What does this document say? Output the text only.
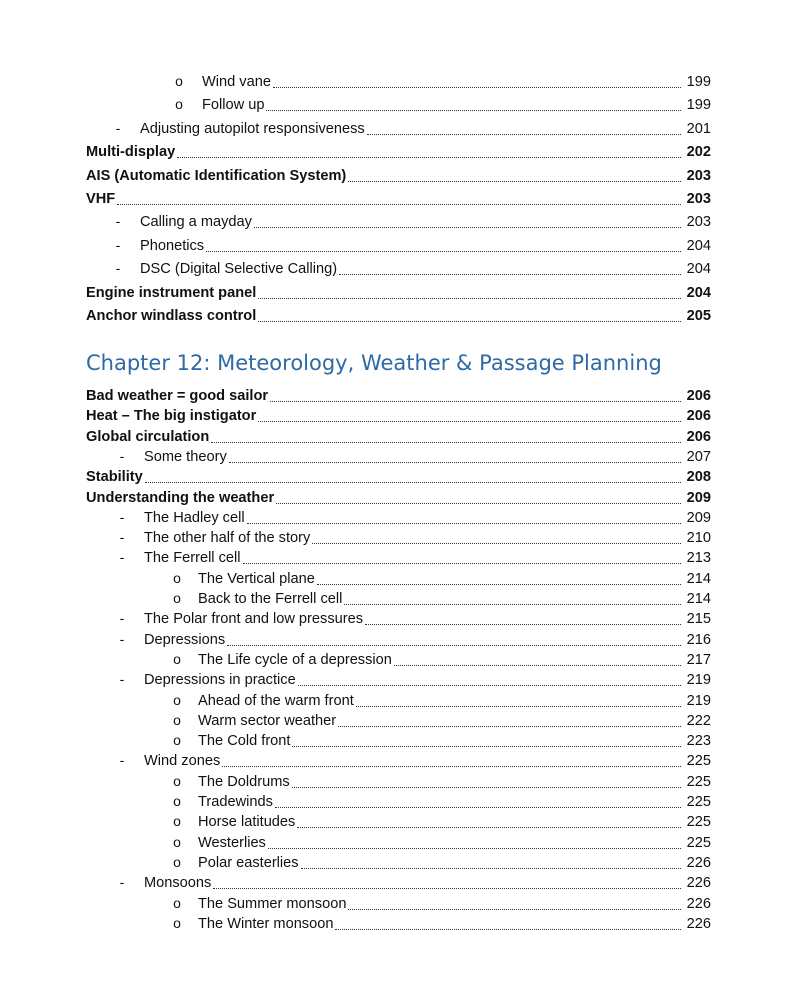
Chapter 12: Meteorology, Weather & Passage Planning
o Wind vane	199
o Follow up	199
-	Adjusting autopilot responsiveness	201
Multi-display	202
AIS (Automatic Identification System)	203
VHF	203
-	Calling a mayday	203
-	Phonetics	204
-	DSC (Digital Selective Calling)	204
Engine instrument panel	204
Anchor windlass control	205
Bad weather = good sailor	206
Heat – The big instigator	206
Global circulation	206
-	Some theory	207
Stability	208
Understanding the weather	209
-	The Hadley cell	209
-	The other half of the story	210
-	The Ferrell cell	213
o The Vertical plane	214
o Back to the Ferrell cell	214
-	The Polar front and low pressures	215
-	Depressions	216
o The Life cycle of a depression	217
-	Depressions in practice	219
o Ahead of the warm front	219
o Warm sector weather	222
o The Cold front	223
-	Wind zones	225
o The Doldrums	225
o Tradewinds	225
o Horse latitudes	225
o Westerlies	225
o Polar easterlies	226
-	Monsoons	226
o The Summer monsoon	226
o The Winter monsoon	226
